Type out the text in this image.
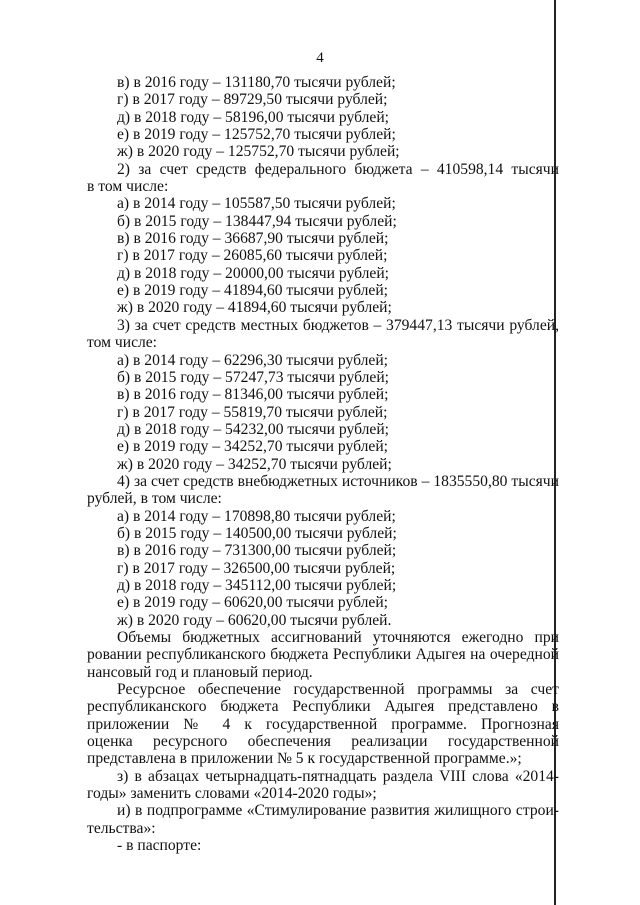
4
в) в 2016 году – 131180,70 тысячи рублей;
г) в 2017 году – 89729,50 тысячи рублей;
д) в 2018 году – 58196,00 тысячи рублей;
е) в 2019 году – 125752,70 тысячи рублей;
ж) в 2020 году – 125752,70 тысячи рублей;
2) за счет средств федерального бюджета – 410598,14 тысячи
в том числе:
а) в 2014 году – 105587,50 тысячи рублей;
б) в 2015 году – 138447,94 тысячи рублей;
в) в 2016 году – 36687,90 тысячи рублей;
г) в 2017 году – 26085,60 тысячи рублей;
д) в 2018 году – 20000,00 тысячи рублей;
е) в 2019 году – 41894,60 тысячи рублей;
ж) в 2020 году – 41894,60 тысячи рублей;
3) за счет средств местных бюджетов – 379447,13 тысячи рублей,
том числе:
а) в 2014 году – 62296,30 тысячи рублей;
б) в 2015 году – 57247,73 тысячи рублей;
в) в 2016 году – 81346,00 тысячи рублей;
г) в 2017 году – 55819,70 тысячи рублей;
д) в 2018 году – 54232,00 тысячи рублей;
е) в 2019 году – 34252,70 тысячи рублей;
ж) в 2020 году – 34252,70 тысячи рублей;
4) за счет средств внебюджетных источников – 1835550,80 тысячи
рублей, в том числе:
а) в 2014 году – 170898,80 тысячи рублей;
б) в 2015 году – 140500,00 тысячи рублей;
в) в 2016 году – 731300,00 тысячи рублей;
г) в 2017 году – 326500,00 тысячи рублей;
д) в 2018 году – 345112,00 тысячи рублей;
е) в 2019 году – 60620,00 тысячи рублей;
ж) в 2020 году – 60620,00 тысячи рублей.
Объемы бюджетных ассигнований уточняются ежегодно при
ровании республиканского бюджета Республики Адыгея на очередной
нансовый год и плановый период.
Ресурсное обеспечение государственной программы за счет
республиканского бюджета Республики Адыгея представлено в
приложении № 4 к государственной программе. Прогнозная
оценка ресурсного обеспечения реализации государственной
представлена в приложении № 5 к государственной программе.»;
з) в абзацах четырнадцать-пятнадцать раздела VIII слова «2014-
годы» заменить словами «2014-2020 годы»;
и) в подпрограмме «Стимулирование развития жилищного строи-
тельства»:
- в паспорте:
